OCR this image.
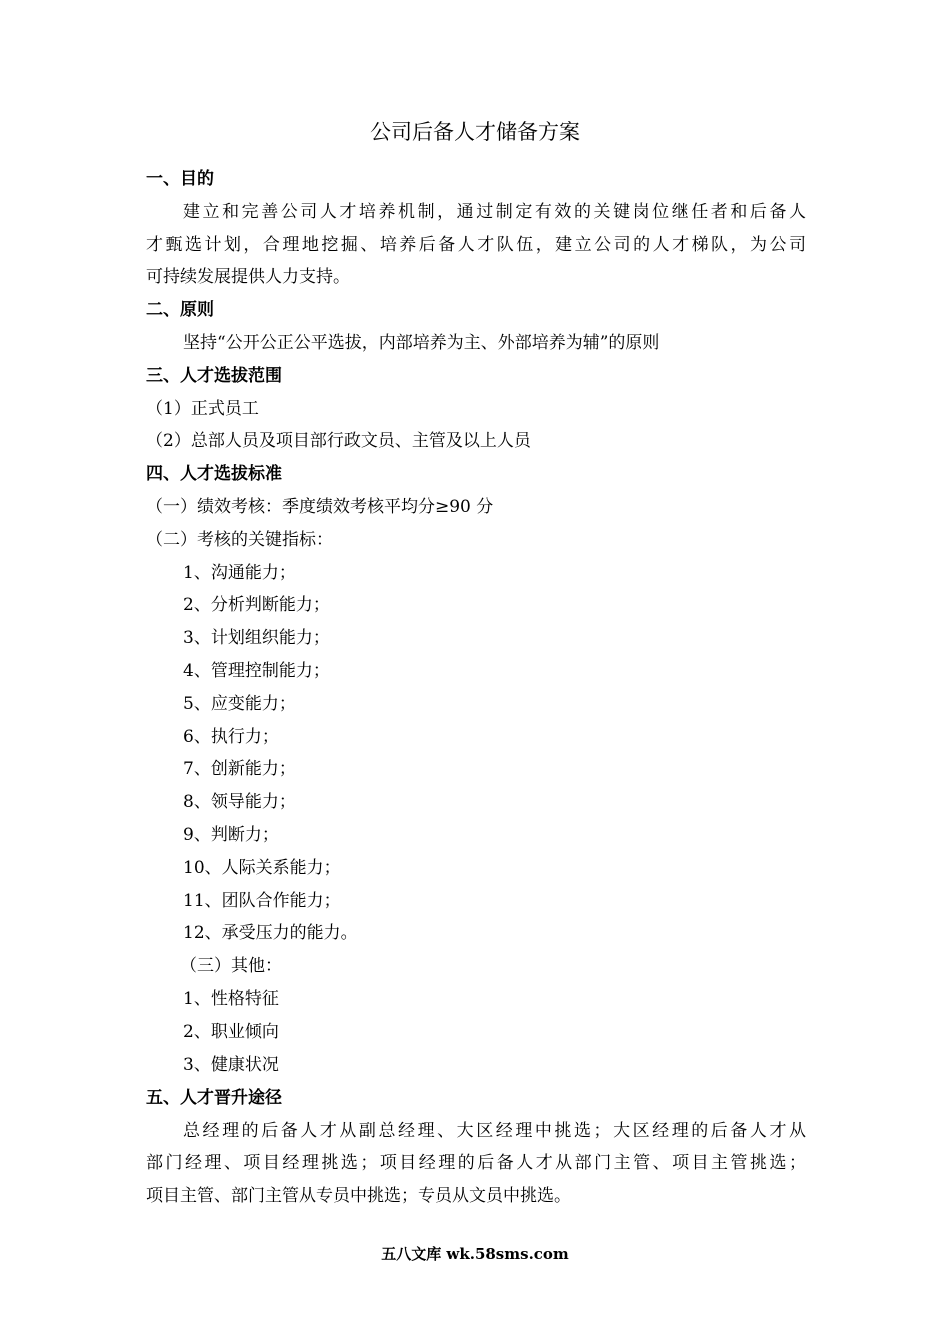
公司后备人才储备方案
一、目的
建立和完善公司人才培养机制，通过制定有效的关键岗位继任者和后备人
才甄选计划，合理地挖掘、培养后备人才队伍，建立公司的人才梯队，为公司
可持续发展提供人力支持。
二、原则
坚持“公开公正公平选拔，内部培养为主、外部培养为辅”的原则
三、人才选拔范围
（1）正式员工
（2）总部人员及项目部行政文员、主管及以上人员
四、人才选拔标准
（一）绩效考核：季度绩效考核平均分≥90 分
（二）考核的关键指标：
1、沟通能力；
2、分析判断能力；
3、计划组织能力；
4、管理控制能力；
5、应变能力；
6、执行力；
7、创新能力；
8、领导能力；
9、判断力；
10、人际关系能力；
11、团队合作能力；
12、承受压力的能力。
（三）其他：
1、性格特征
2、职业倾向
3、健康状况
五、人才晋升途径
总经理的后备人才从副总经理、大区经理中挑选；大区经理的后备人才从
部门经理、项目经理挑选；项目经理的后备人才从部门主管、项目主管挑选；
项目主管、部门主管从专员中挑选；专员从文员中挑选。
五八文库 wk.58sms.com
